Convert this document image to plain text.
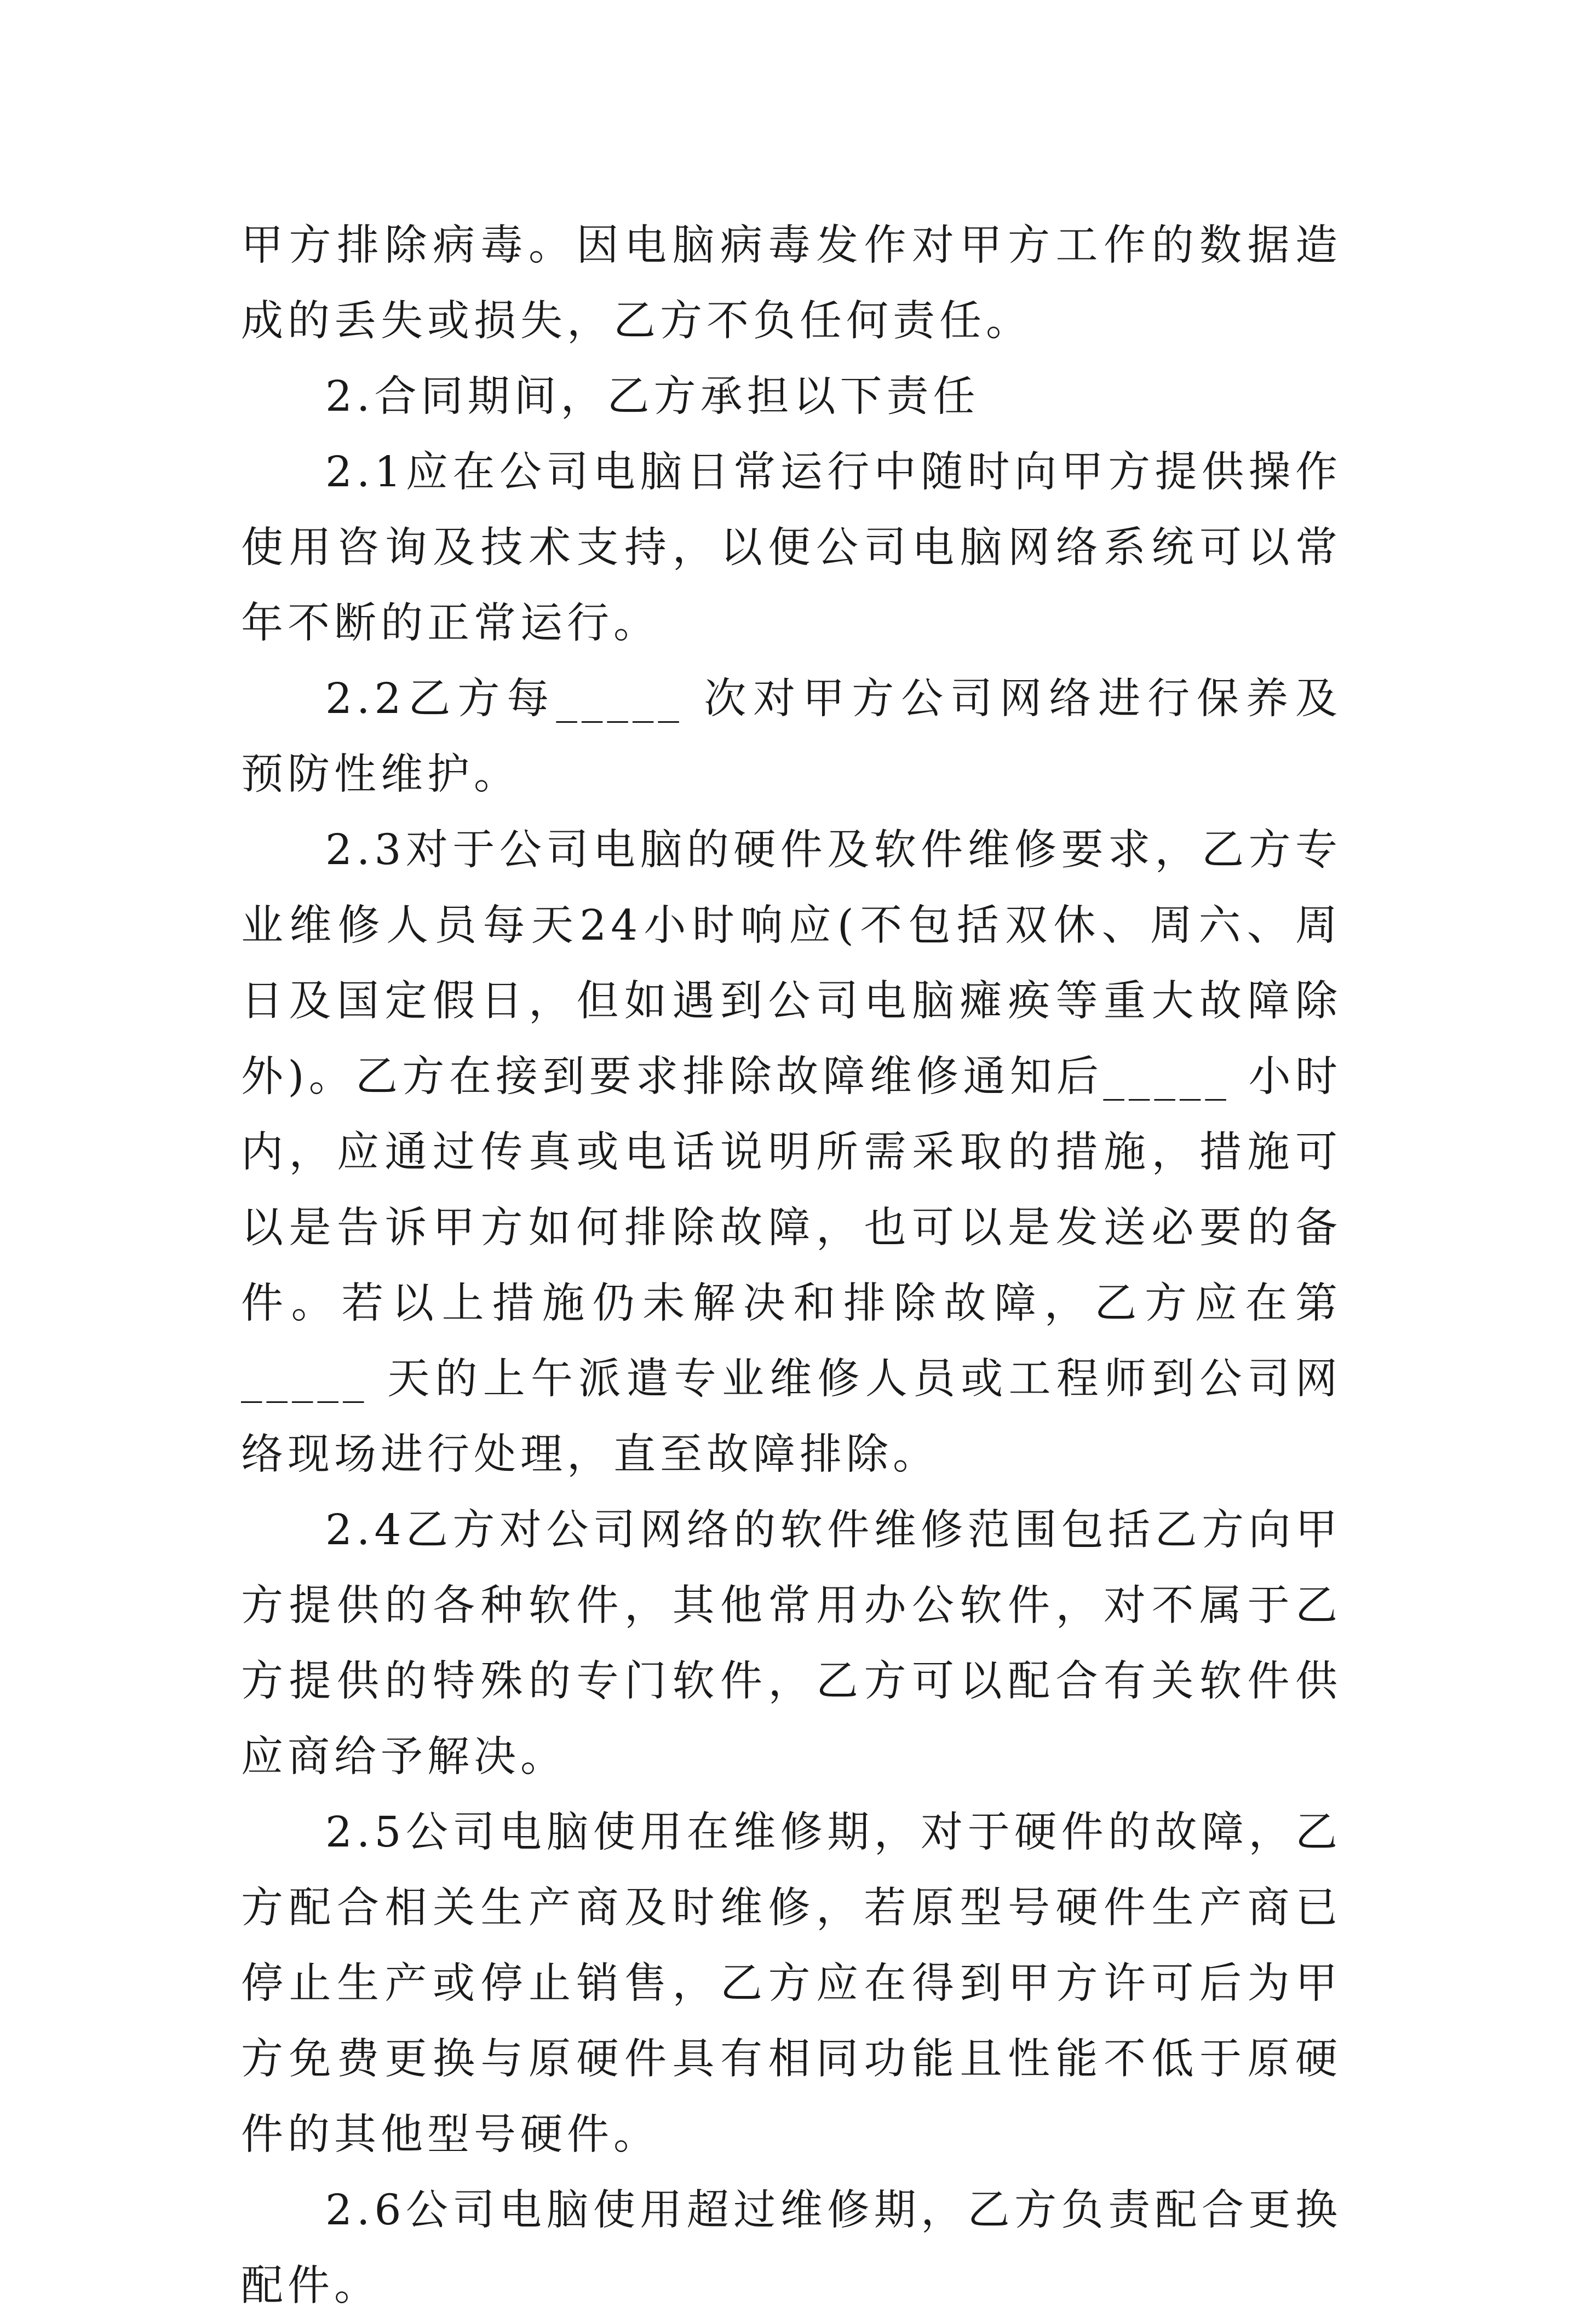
甲方排除病毒。因电脑病毒发作对甲方工作的数据造成的丢失或损失，乙方不负任何责任。

2.合同期间，乙方承担以下责任

2.1应在公司电脑日常运行中随时向甲方提供操作使用咨询及技术支持，以便公司电脑网络系统可以常年不断的正常运行。

2.2乙方每_____ 次对甲方公司网络进行保养及预防性维护。

2.3对于公司电脑的硬件及软件维修要求，乙方专业维修人员每天24小时响应(不包括双休、周六、周日及国定假日，但如遇到公司电脑瘫痪等重大故障除外)。乙方在接到要求排除故障维修通知后_____ 小时内，应通过传真或电话说明所需采取的措施，措施可以是告诉甲方如何排除故障，也可以是发送必要的备件。若以上措施仍未解决和排除故障，乙方应在第_____ 天的上午派遣专业维修人员或工程师到公司网络现场进行处理，直至故障排除。

2.4乙方对公司网络的软件维修范围包括乙方向甲方提供的各种软件，其他常用办公软件，对不属于乙方提供的特殊的专门软件，乙方可以配合有关软件供应商给予解决。

2.5公司电脑使用在维修期，对于硬件的故障，乙方配合相关生产商及时维修，若原型号硬件生产商已停止生产或停止销售，乙方应在得到甲方许可后为甲方免费更换与原硬件具有相同功能且性能不低于原硬件的其他型号硬件。

2.6公司电脑使用超过维修期，乙方负责配合更换配件。
